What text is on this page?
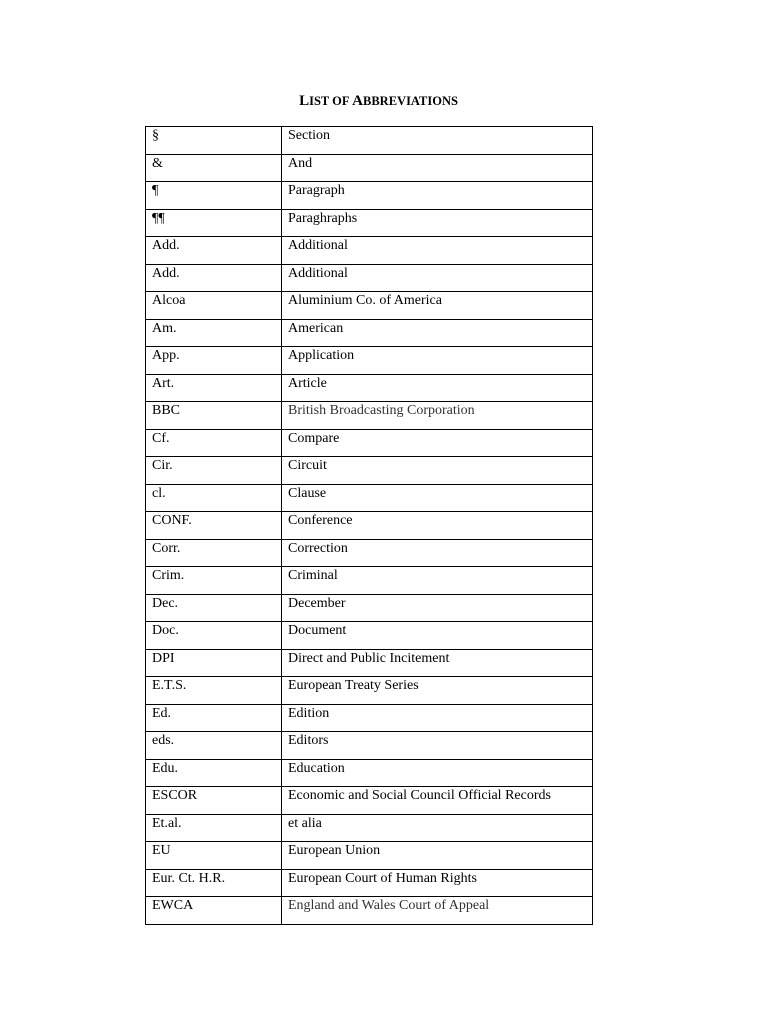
LIST OF ABBREVIATIONS
§	Section
&	And
¶	Paragraph
¶¶	Paraghraphs
Add.	Additional
Add.	Additional
Alcoa	Aluminium Co. of America
Am.	American
App.	Application
Art.	Article
BBC	British Broadcasting Corporation
Cf.	Compare
Cir.	Circuit
cl.	Clause
CONF.	Conference
Corr.	Correction
Crim.	Criminal
Dec.	December
Doc.	Document
DPI	Direct and Public Incitement
E.T.S.	European Treaty Series
Ed.	Edition
eds.	Editors
Edu.	Education
ESCOR	Economic and Social Council Official Records
Et.al.	et alia
EU	European Union
Eur. Ct. H.R.	European Court of Human Rights
EWCA	England and Wales Court of Appeal
